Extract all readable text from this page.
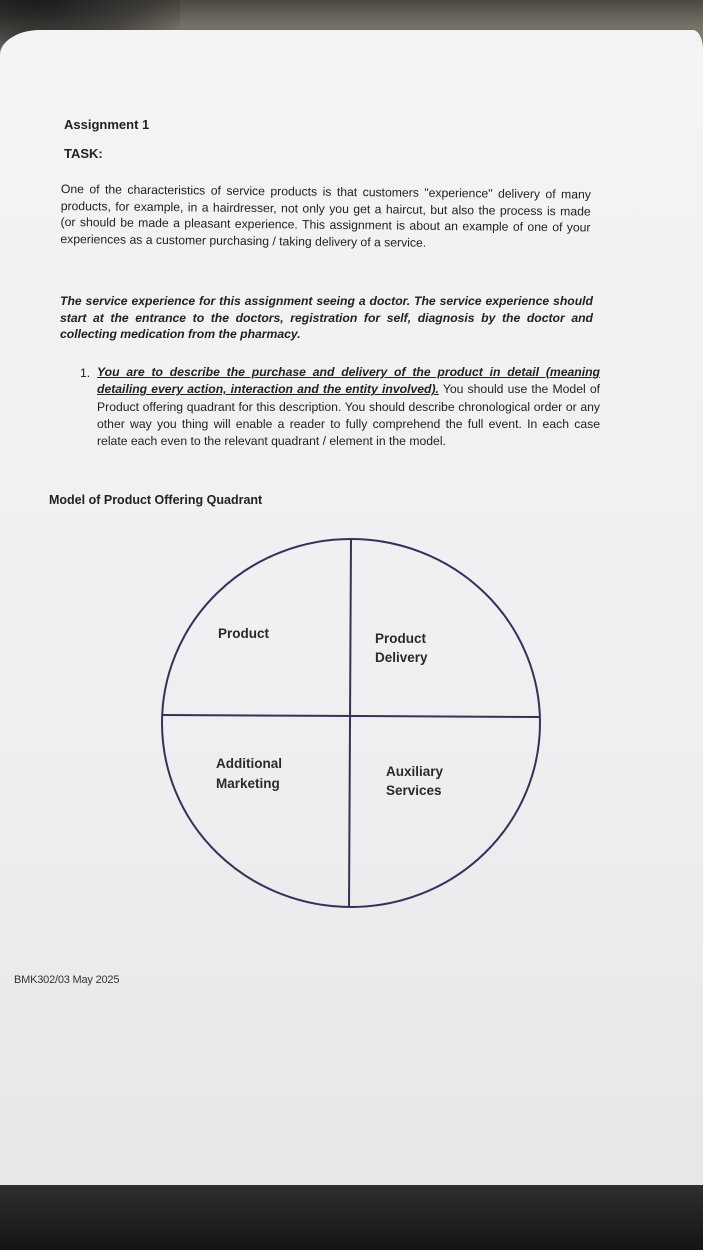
Assignment 1

TASK:

One of the characteristics of service products is that customers "experience" delivery of many products, for example, in a hairdresser, not only you get a haircut, but also the process is made (or should be made a pleasant experience. This assignment is about an example of one of your experiences as a customer purchasing / taking delivery of a service.

The service experience for this assignment seeing a doctor. The service experience should start at the entrance to the doctors, registration for self, diagnosis by the doctor and collecting medication from the pharmacy.

1. You are to describe the purchase and delivery of the product in detail (meaning detailing every action, interaction and the entity involved). You should use the Model of Product offering quadrant for this description. You should describe chronological order or any other way you thing will enable a reader to fully comprehend the full event. In each case relate each even to the relevant quadrant / element in the model.

Model of Product Offering Quadrant

Product	Product
Delivery
Additional
Marketing
Auxiliary
Services

BMK302/03 May 2025
